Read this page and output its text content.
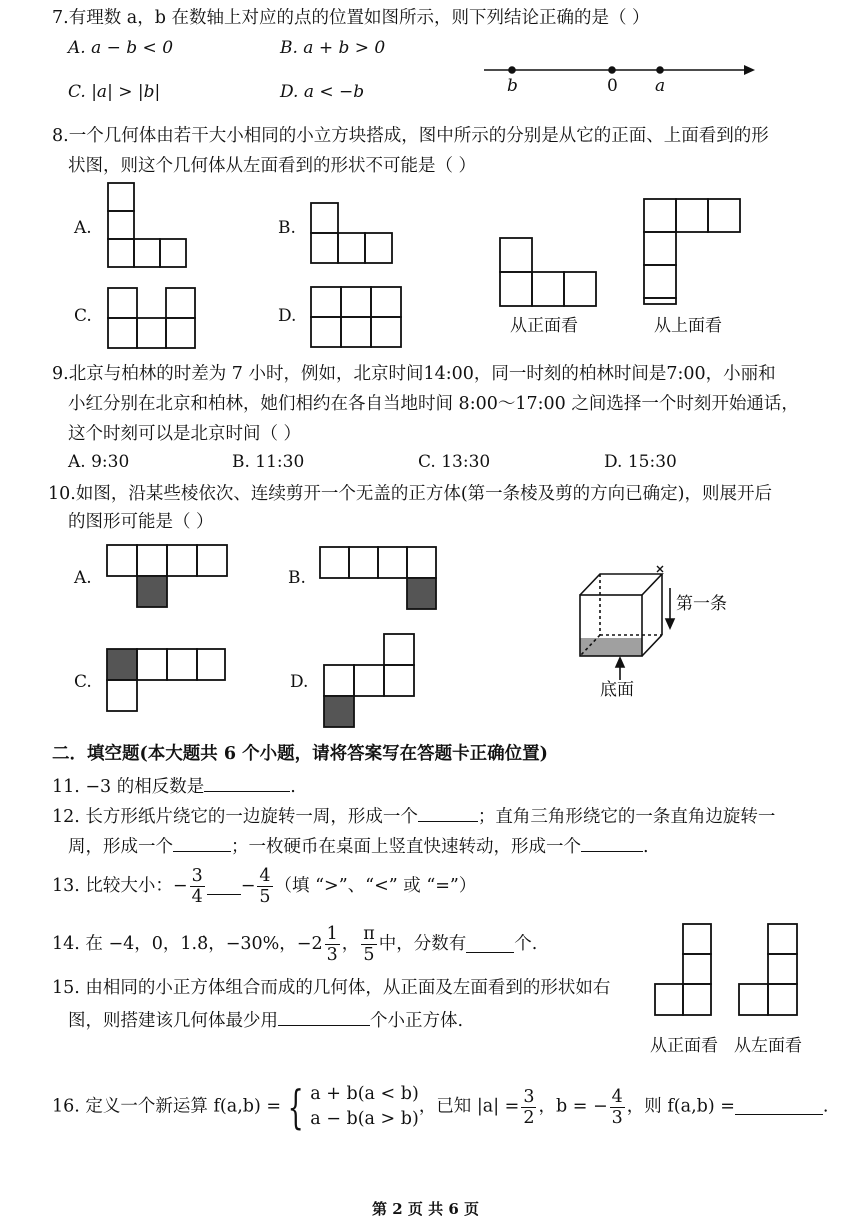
7.有理数 a，b 在数轴上对应的点的位置如图所示，则下列结论正确的是（ ）
A. a − b < 0	B. a + b > 0
C. |a| > |b|	D. a < −b	b	0 a
8.一个几何体由若干大小相同的小立方块搭成，图中所示的分别是从它的正面、上面看到的形
状图，则这个几何体从左面看到的形状不可能是（ ）
A.	B.
C.	D.	从正面看	从上面看
9.北京与柏林的时差为 7 小时，例如，北京时间14:00，同一时刻的柏林时间是7:00，小丽和
小红分别在北京和柏林，她们相约在各自当地时间 8:00～17:00 之间选择一个时刻开始通话，
这个时刻可以是北京时间（ ）
A. 9:30	B. 11:30	C. 13:30	D. 15:30
10.如图，沿某些棱依次、连续剪开一个无盖的正方体(第一条棱及剪的方向已确定)，则展开后
的图形可能是（ ）
A.	B.
C.	D.
第一条
底面
二．填空题(本大题共 6 个小题，请将答案写在答题卡正确位置)
11. −3 的相反数是	.
12. 长方形纸片绕它的一边旋转一周，形成一个	；直角三角形绕它的一条直角边旋转一
周，形成一个	；一枚硬币在桌面上竖直快速转动，形成一个	.
13. 比较大小：− $\frac{3}{4} - \frac{4}{5}$ （填 “>”、“<” 或 “=”）
14. 在 −4，0，1.8̇，−30%，$-2 \frac{1}{3}$ ， $\frac{\pi}{5}$ 中，分数有	个.
15. 由相同的小正方体组合而成的几何体，从正面及左面看到的形状如右
图，则搭建该几何体最少用	个小正方体.
从正面看 从左面看
16. 定义一个新运算 f(a,b) = { a + b(a < b)
a − b(a > b)
，已知 $|a| = \frac{3}{2}$ ，b = − $\frac{4}{3}$ ，则 f(a,b) =	.
第 2 页 共 6 页
